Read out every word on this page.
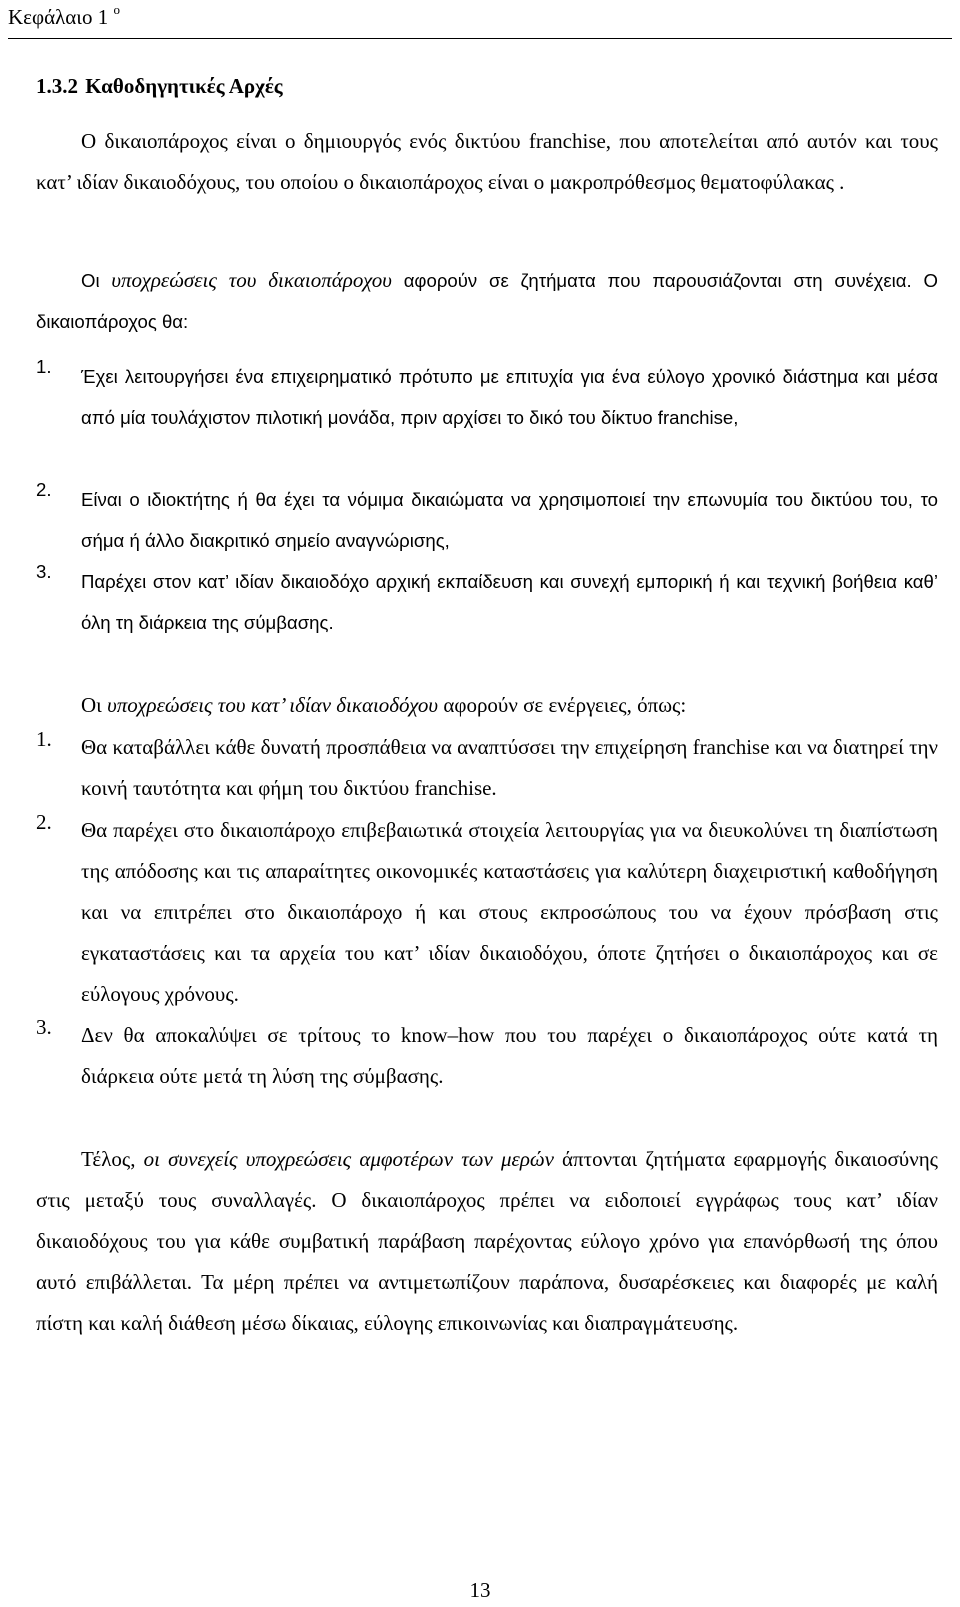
Κεφάλαιο 1 $^o$
1.3.2 Καθοδηγητικές Αρχές
Ο δικαιοπάροχος είναι ο δημιουργός ενός δικτύου franchise, που αποτελείται από αυτόν και τους κατ’ ιδίαν δικαιοδόχους, του οποίου ο δικαιοπάροχος είναι ο μακροπρόθεσμος θεματοφύλακας .
Οι υποχρεώσεις του δικαιοπάροχου αφορούν σε ζητήματα που παρουσιάζονται στη συνέχεια. Ο δικαιοπάροχος θα:
1. Έχει λειτουργήσει ένα επιχειρηματικό πρότυπο με επιτυχία για ένα εύλογο χρονικό διάστημα και μέσα από μία τουλάχιστον πιλοτική μονάδα, πριν αρχίσει το δικό του δίκτυο franchise,
2. Είναι ο ιδιοκτήτης ή θα έχει τα νόμιμα δικαιώματα να χρησιμοποιεί την επωνυμία του δικτύου του, το σήμα ή άλλο διακριτικό σημείο αναγνώρισης,
3. Παρέχει στον κατ’ ιδίαν δικαιοδόχο αρχική εκπαίδευση και συνεχή εμπορική ή και τεχνική βοήθεια καθ’ όλη τη διάρκεια της σύμβασης.
Οι υποχρεώσεις του κατ’ ιδίαν δικαιοδόχου αφορούν σε ενέργειες, όπως:
1. Θα καταβάλλει κάθε δυνατή προσπάθεια να αναπτύσσει την επιχείρηση franchise και να διατηρεί την κοινή ταυτότητα και φήμη του δικτύου franchise.
2. Θα παρέχει στο δικαιοπάροχο επιβεβαιωτικά στοιχεία λειτουργίας για να διευκολύνει τη διαπίστωση της απόδοσης και τις απαραίτητες οικονομικές καταστάσεις για καλύτερη διαχειριστική καθοδήγηση και να επιτρέπει στο δικαιοπάροχο ή και στους εκπροσώπους του να έχουν πρόσβαση στις εγκαταστάσεις και τα αρχεία του κατ’ ιδίαν δικαιοδόχου, όποτε ζητήσει ο δικαιοπάροχος και σε εύλογους χρόνους.
3. Δεν θα αποκαλύψει σε τρίτους το know–how που του παρέχει ο δικαιοπάροχος ούτε κατά τη διάρκεια ούτε μετά τη λύση της σύμβασης.
Τέλος, οι συνεχείς υποχρεώσεις αμφοτέρων των μερών άπτονται ζητήματα εφαρμογής δικαιοσύνης στις μεταξύ τους συναλλαγές. Ο δικαιοπάροχος πρέπει να ειδοποιεί εγγράφως τους κατ’ ιδίαν δικαιοδόχους του για κάθε συμβατική παράβαση παρέχοντας εύλογο χρόνο για επανόρθωσή της όπου αυτό επιβάλλεται. Τα μέρη πρέπει να αντιμετωπίζουν παράπονα, δυσαρέσκειες και διαφορές με καλή πίστη και καλή διάθεση μέσω δίκαιας, εύλογης επικοινωνίας και διαπραγμάτευσης.
13
